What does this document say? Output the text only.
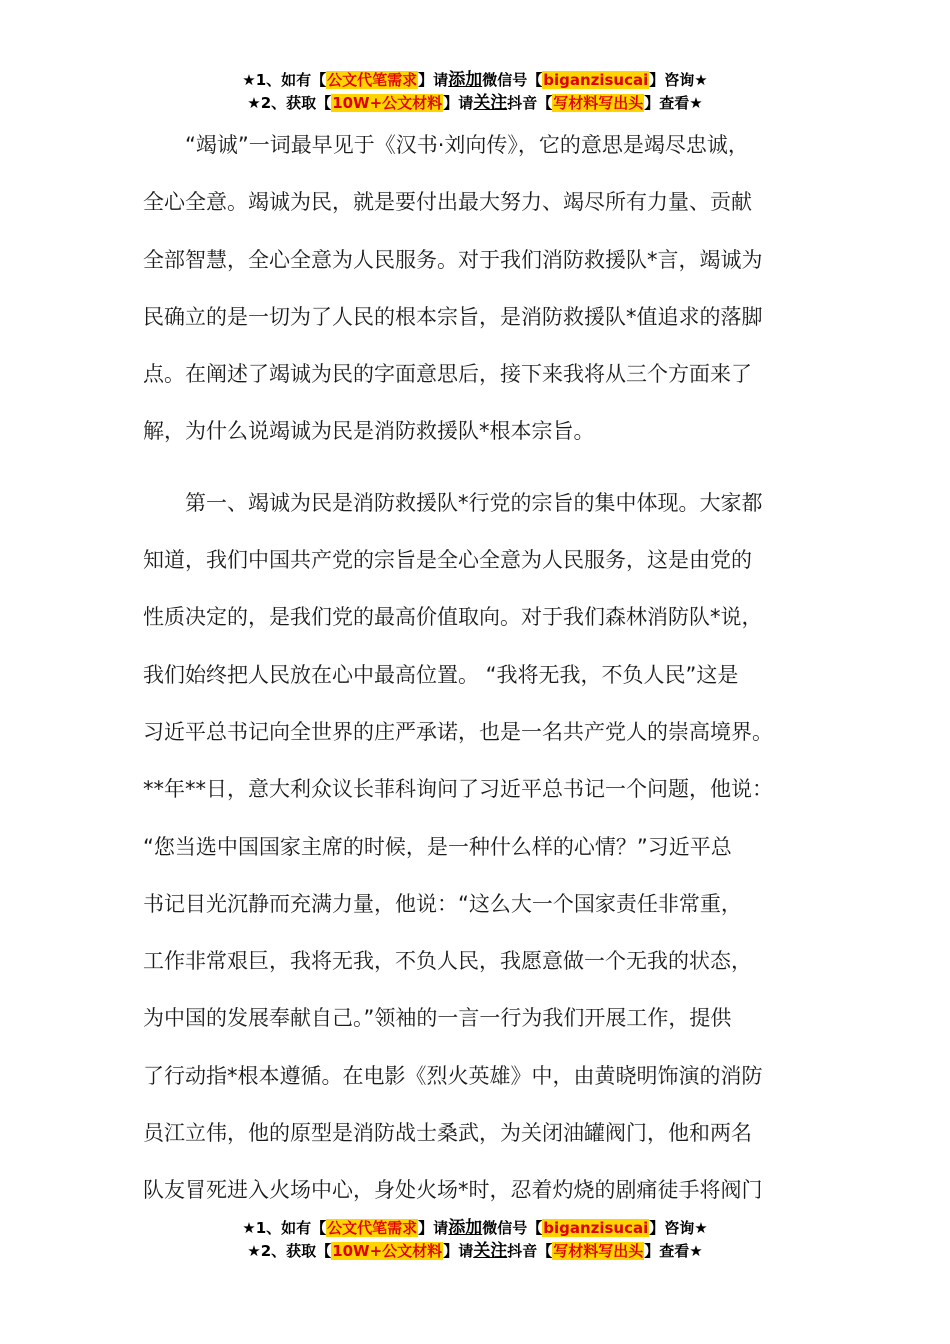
★1、如有【公文代笔需求】请添加微信号【biganzisucai】咨询★
★2、获取【10W+公文材料】请关注抖音【写材料写出头】查看★
“竭诚”一词最早见于《汉书·刘向传》，它的意思是竭尽忠诚，
全心全意。竭诚为民，就是要付出最大努力、竭尽所有力量、贡献
全部智慧，全心全意为人民服务。对于我们消防救援队*言，竭诚为
民确立的是一切为了人民的根本宗旨，是消防救援队*值追求的落脚
点。在阐述了竭诚为民的字面意思后，接下来我将从三个方面来了
解，为什么说竭诚为民是消防救援队*根本宗旨。
第一、竭诚为民是消防救援队*行党的宗旨的集中体现。大家都
知道，我们中国共产党的宗旨是全心全意为人民服务，这是由党的
性质决定的，是我们党的最高价值取向。对于我们森林消防队*说，
我们始终把人民放在心中最高位置。 “我将无我，不负人民”这是
习近平总书记向全世界的庄严承诺，也是一名共产党人的崇高境界。
**年**日，意大利众议长菲科询问了习近平总书记一个问题，他说：
“您当选中国国家主席的时候，是一种什么样的心情？”习近平总
书记目光沉静而充满力量，他说：“这么大一个国家责任非常重，
工作非常艰巨，我将无我，不负人民，我愿意做一个无我的状态，
为中国的发展奉献自己。”领袖的一言一行为我们开展工作，提供
了行动指*根本遵循。在电影《烈火英雄》中，由黄晓明饰演的消防
员江立伟，他的原型是消防战士桑武，为关闭油罐阀门，他和两名
队友冒死进入火场中心，身处火场*时，忍着灼烧的剧痛徒手将阀门
★1、如有【公文代笔需求】请添加微信号【biganzisucai】咨询★
★2、获取【10W+公文材料】请关注抖音【写材料写出头】查看★
